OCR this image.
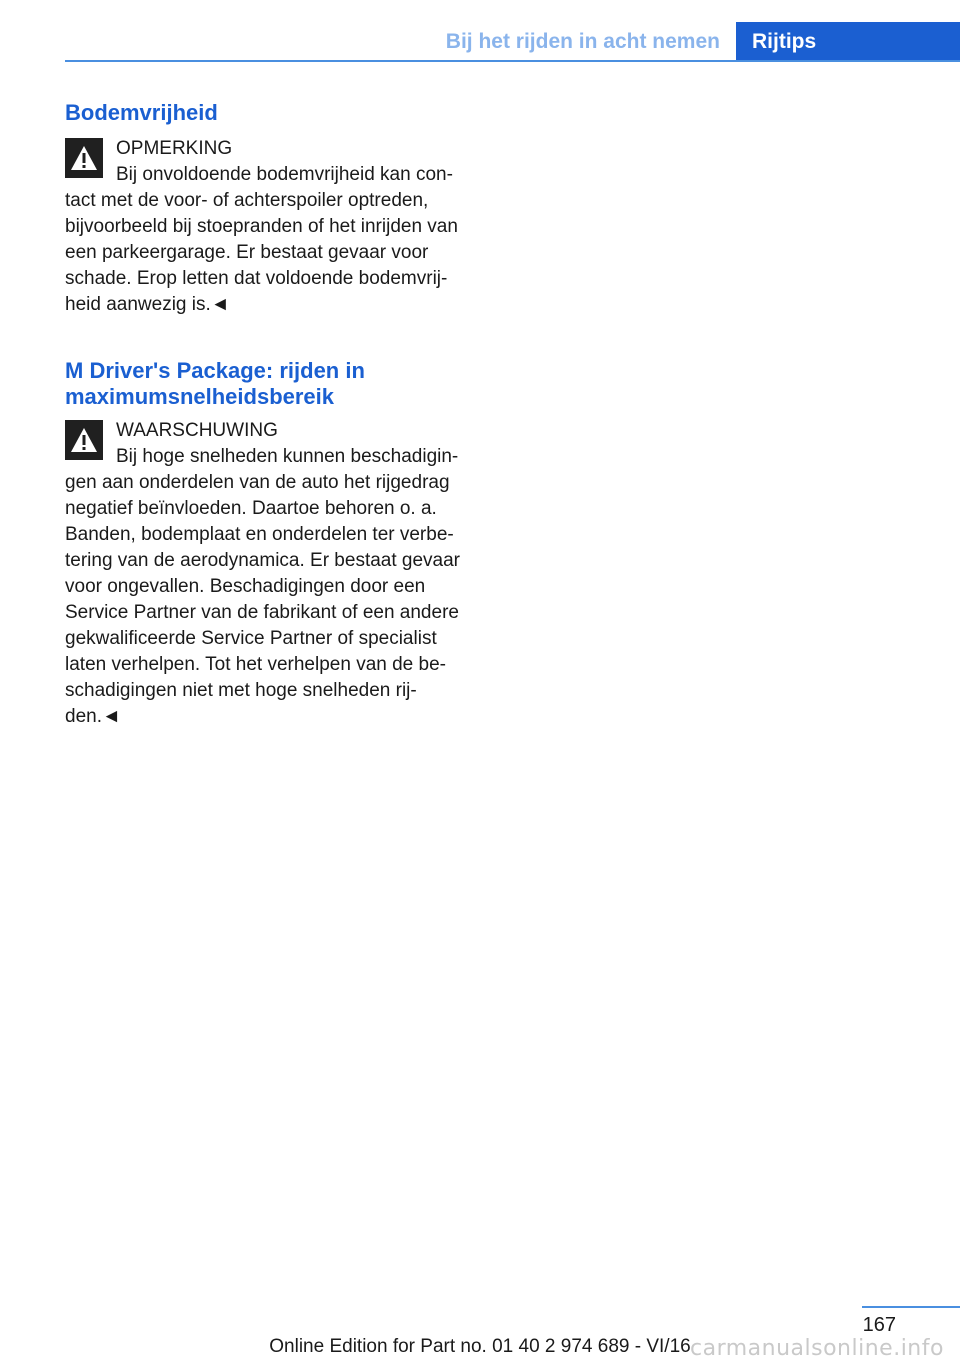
Bij het rijden in acht nemen	Rijtips
Bodemvrijheid
OPMERKING
Bij onvoldoende bodemvrijheid kan con-
tact met de voor- of achterspoiler optreden,
bijvoorbeeld bij stoepranden of het inrijden van
een parkeergarage. Er bestaat gevaar voor
schade. Erop letten dat voldoende bodemvrij-
heid aanwezig is.◄
M Driver's Package: rijden in
maximumsnelheidsbereik
WAARSCHUWING
Bij hoge snelheden kunnen beschadigin-
gen aan onderdelen van de auto het rijgedrag
negatief beïnvloeden. Daartoe behoren o. a.
Banden, bodemplaat en onderdelen ter verbe-
tering van de aerodynamica. Er bestaat gevaar
voor ongevallen. Beschadigingen door een
Service Partner van de fabrikant of een andere
gekwalificeerde Service Partner of specialist
laten verhelpen. Tot het verhelpen van de be-
schadigingen niet met hoge snelheden rij-
den.◄
167
Online Edition for Part no. 01 40 2 974 689 - VI/16 carmanualsonline.info
